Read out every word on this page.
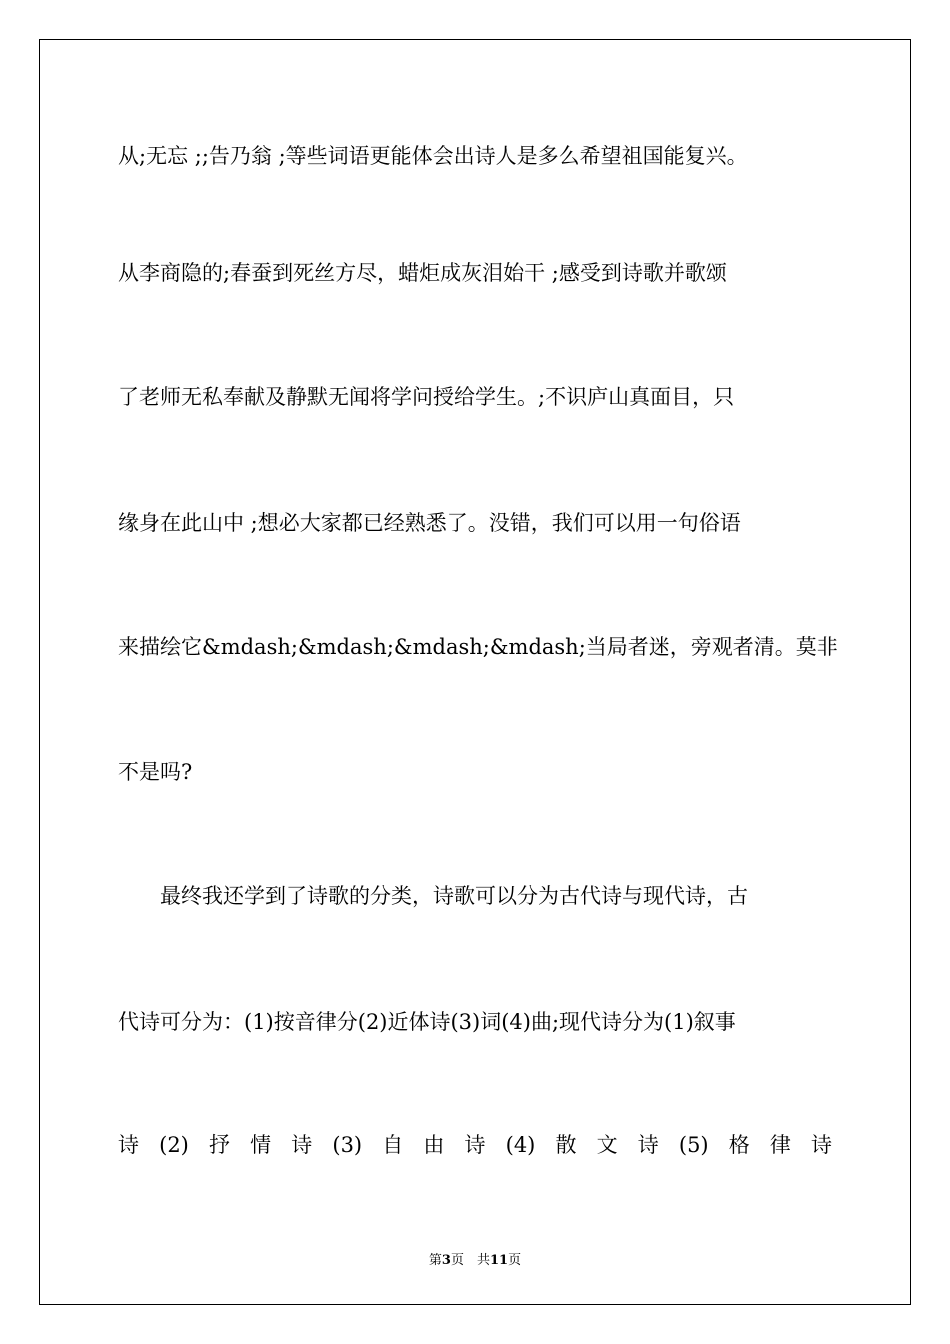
从;无忘 ;;告乃翁 ;等些词语更能体会出诗人是多么希望祖国能复兴。
从李商隐的;春蚕到死丝方尽，蜡炬成灰泪始干 ;感受到诗歌并歌颂
了老师无私奉献及静默无闻将学问授给学生。;不识庐山真面目，只
缘身在此山中 ;想必大家都已经熟悉了。没错，我们可以用一句俗语
来描绘它&mdash;&mdash;&mdash;&mdash;当局者迷，旁观者清。莫非
不是吗?
　　最终我还学到了诗歌的分类，诗歌可以分为古代诗与现代诗，古
代诗可分为：(1)按音律分(2)近体诗(3)词(4)曲;现代诗分为(1)叙事
诗 (2) 抒 情 诗 (3) 自 由 诗 (4) 散 文 诗 (5) 格 律 诗
第3页　共11页
